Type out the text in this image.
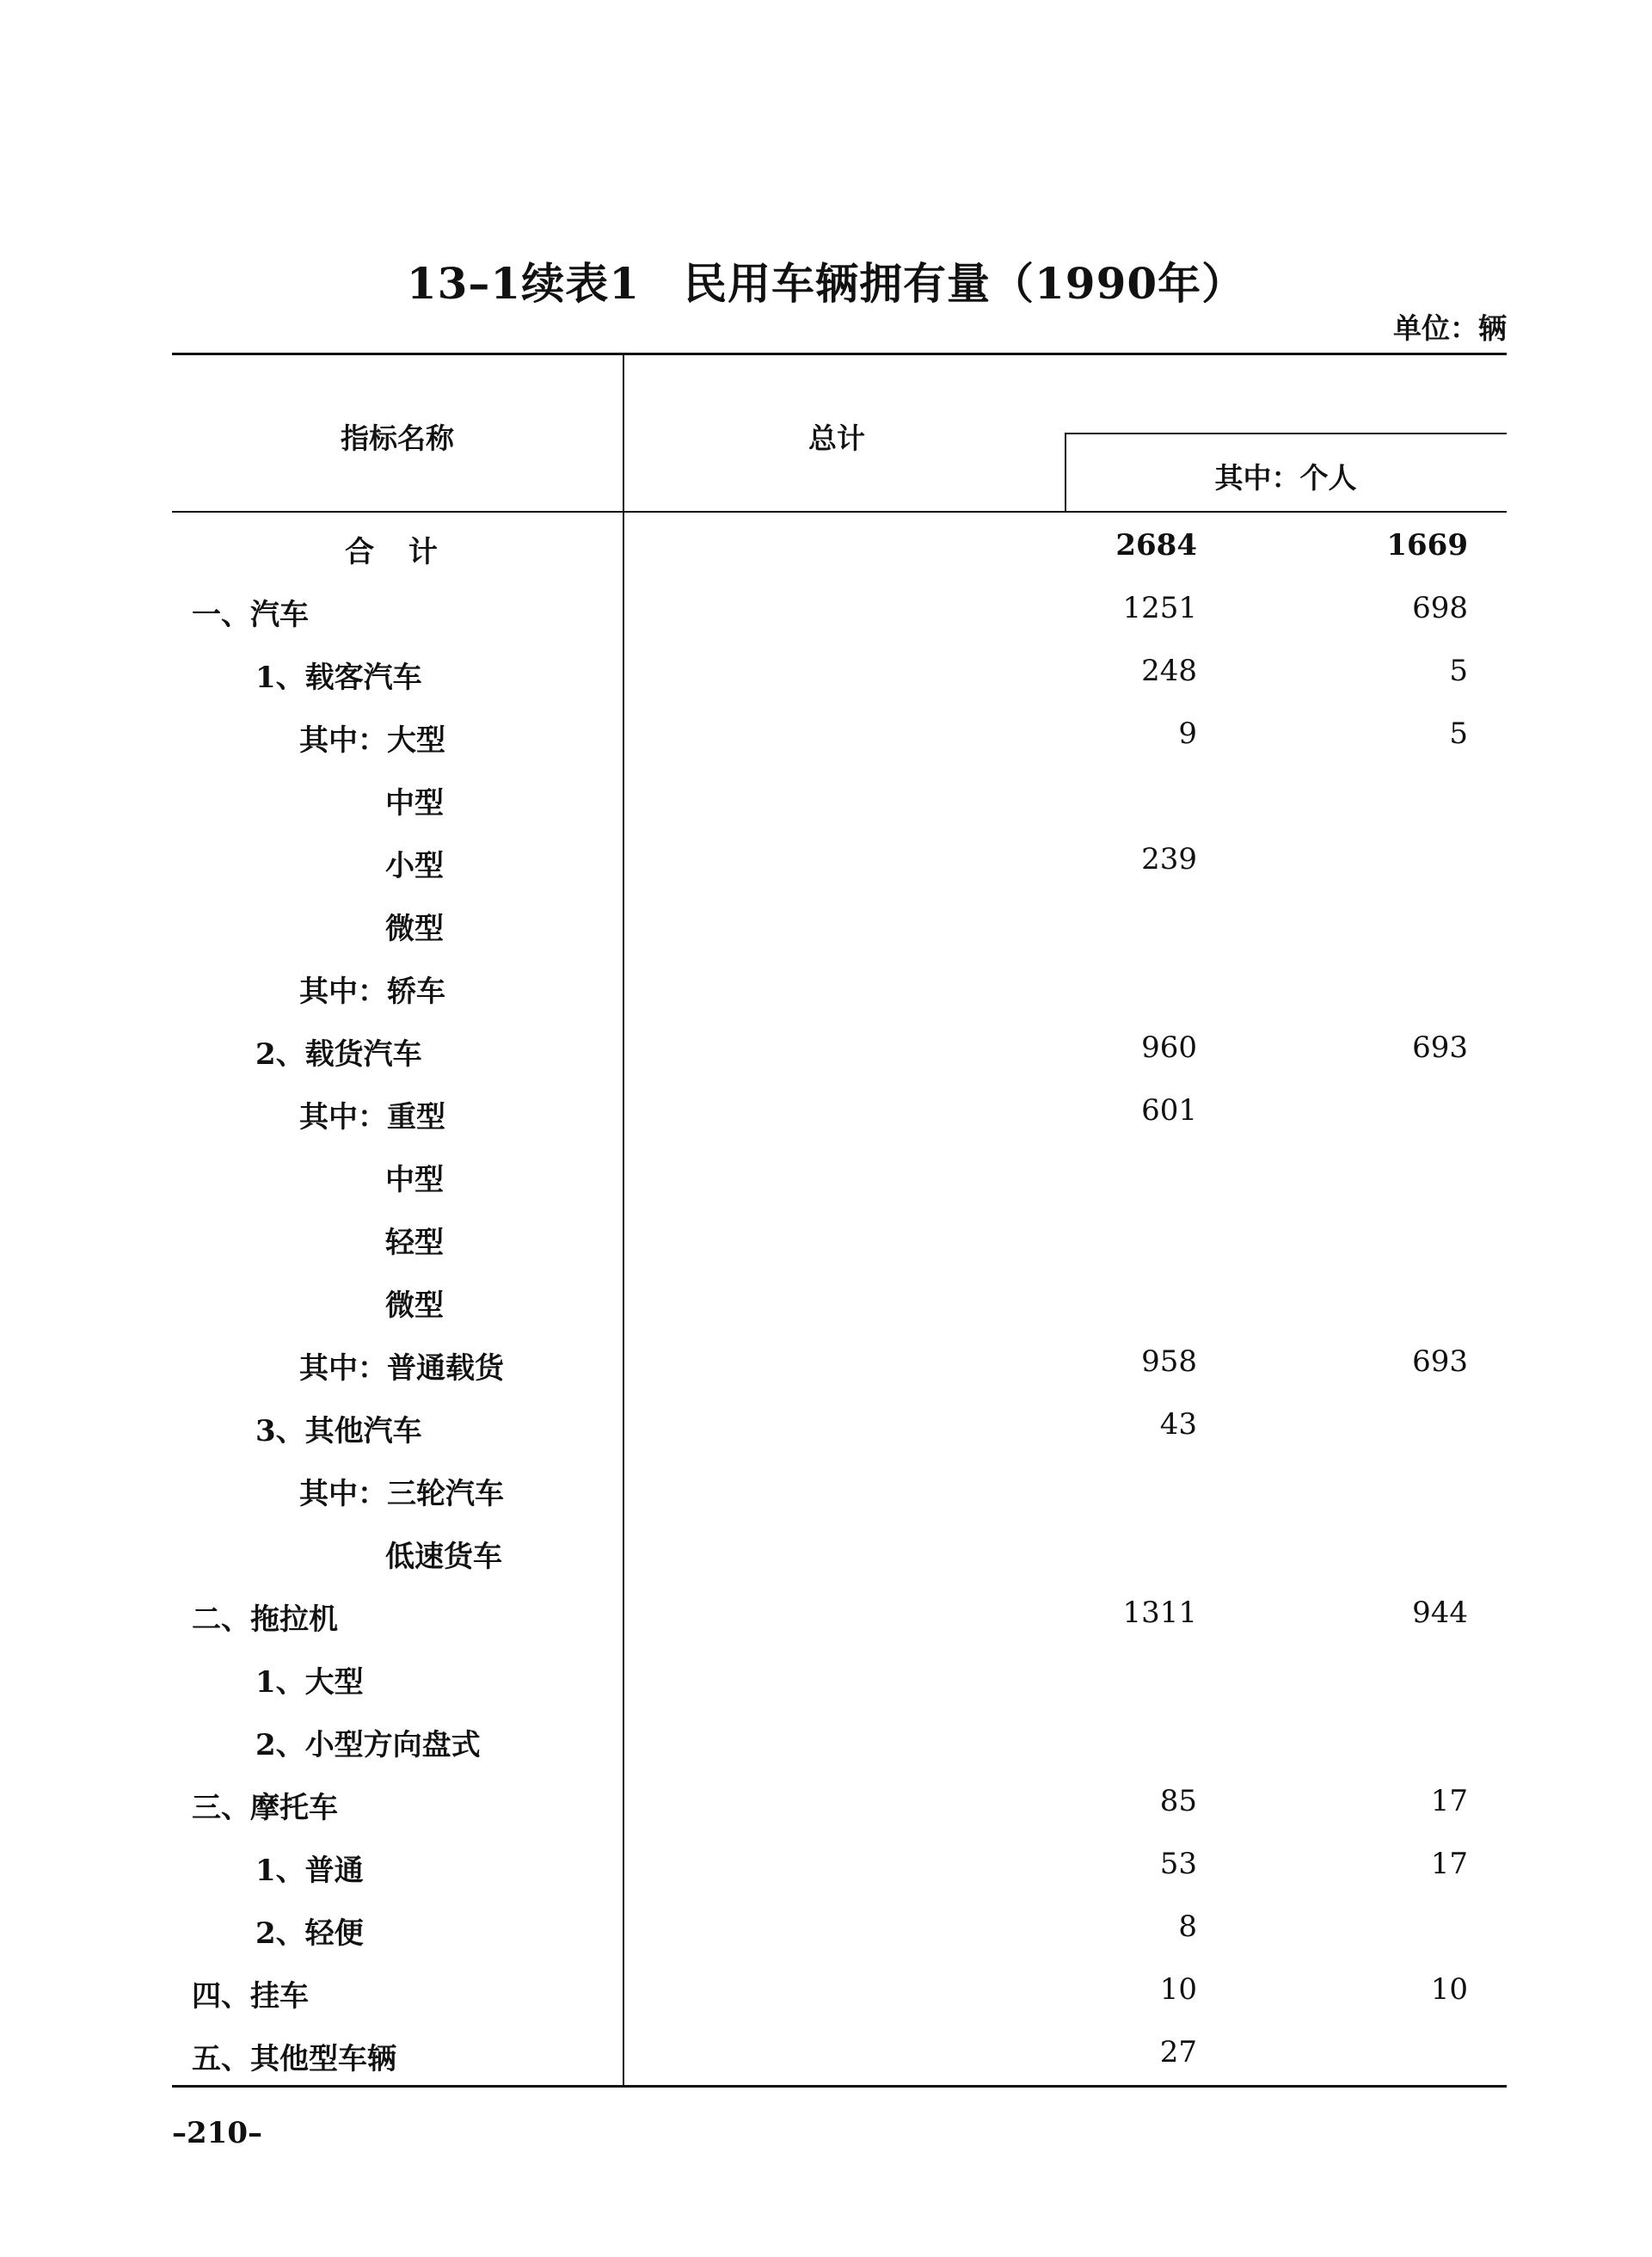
13–1续表1　民用车辆拥有量（1990年）
单位：辆
指标名称	总计
其中：个人
合 计	2684	1669
一、汽车	1251	698
1、载客汽车	248	5
其中：大型	9	5
中型
小型	239
微型
其中：轿车
2、载货汽车	960	693
其中：重型	601
中型
轻型
微型
其中：普通载货	958	693
3、其他汽车	43
其中：三轮汽车
低速货车
二、拖拉机	1311	944
1、大型
2、小型方向盘式
三、摩托车	85	17
1、普通	53	17
2、轻便	8
四、挂车	10	10
五、其他型车辆	27
–210–
